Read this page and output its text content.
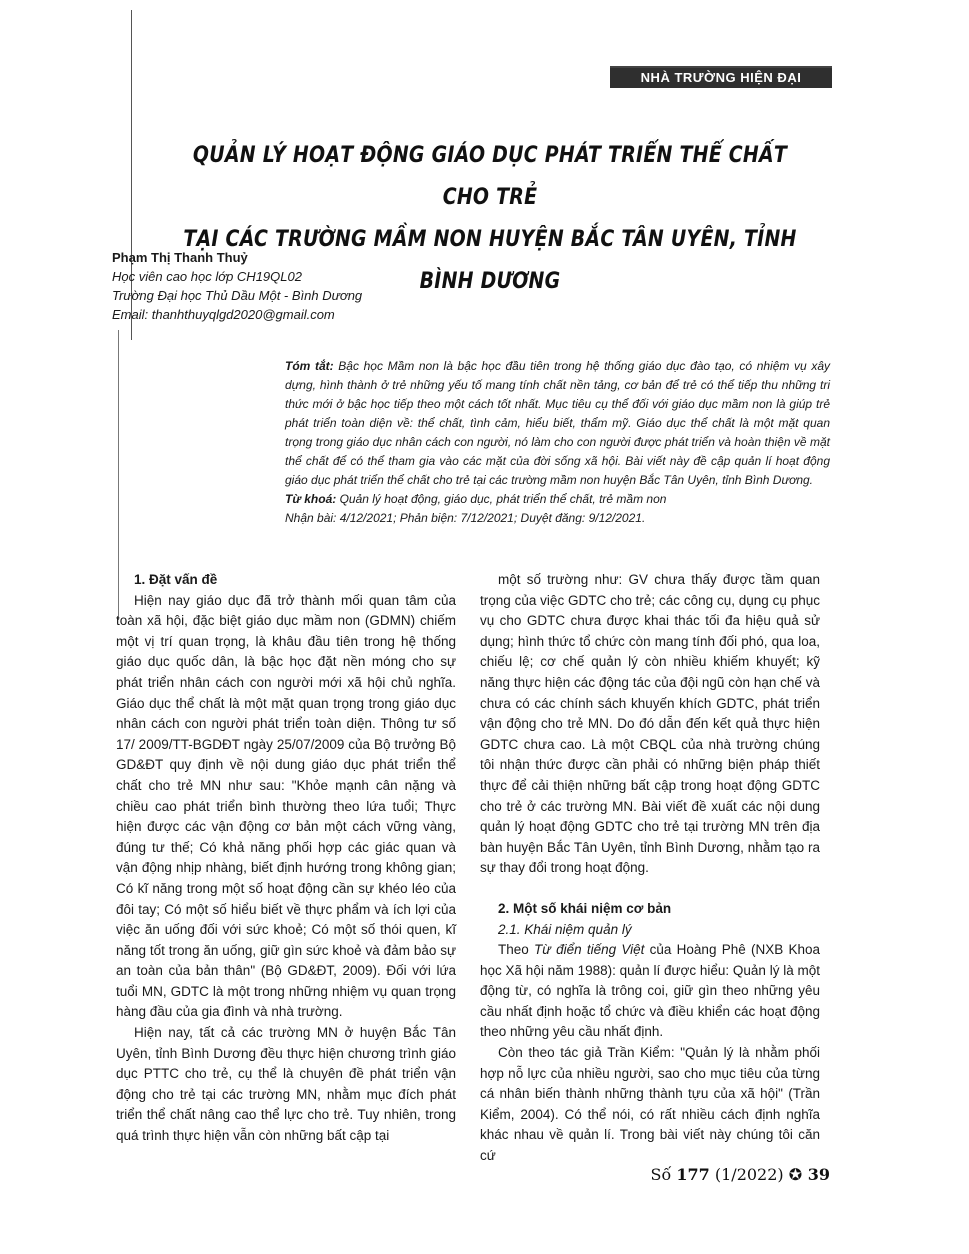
NHÀ TRƯỜNG HIỆN ĐẠI
QUẢN LÝ HOẠT ĐỘNG GIÁO DỤC PHÁT TRIỂN THỂ CHẤT CHO TRẺ
TẠI CÁC TRƯỜNG MẦM NON HUYỆN BẮC TÂN UYÊN, TỈNH BÌNH DƯƠNG
Phạm Thị Thanh Thuỷ
Học viên cao học lớp CH19QL02
Trường Đại học Thủ Dầu Một - Bình Dương
Email: thanhthuyqlgd2020@gmail.com
Tóm tắt: Bậc học Mầm non là bậc học đầu tiên trong hệ thống giáo dục đào tạo, có nhiệm vụ xây dựng, hình thành ở trẻ những yếu tố mang tính chất nền tảng, cơ bản để trẻ có thể tiếp thu những tri thức mới ở bậc học tiếp theo một cách tốt nhất. Mục tiêu cụ thể đối với giáo dục mầm non là giúp trẻ phát triển toàn diện về: thể chất, tình cảm, hiểu biết, thẩm mỹ. Giáo dục thể chất là một mặt quan trọng trong giáo dục nhân cách con người, nó làm cho con người được phát triển và hoàn thiện về mặt thể chất để có thể tham gia vào các mặt của đời sống xã hội. Bài viết này đề cập quản lí hoạt động giáo dục phát triển thể chất cho trẻ tại các trường mầm non huyện Bắc Tân Uyên, tỉnh Bình Dương.
Từ khoá: Quản lý hoạt động, giáo dục, phát triển thể chất, trẻ mầm non
Nhận bài: 4/12/2021; Phản biện: 7/12/2021; Duyệt đăng: 9/12/2021.

1. Đặt vấn đề

Hiện nay giáo dục đã trở thành mối quan tâm của toàn xã hội, đặc biệt giáo dục mầm non (GDMN) chiếm một vị trí quan trọng, là khâu đầu tiên trong hệ thống giáo dục quốc dân, là bậc học đặt nền móng cho sự phát triển nhân cách con người mới xã hội chủ nghĩa. Giáo dục thể chất là một mặt quan trọng trong giáo dục nhân cách con người phát triển toàn diện. Thông tư số 17/ 2009/TT-BGDĐT ngày 25/07/2009 của Bộ trưởng Bộ GD&ĐT quy định về nội dung giáo dục phát triển thể chất cho trẻ MN như sau: "Khỏe mạnh cân nặng và chiều cao phát triển bình thường theo lứa tuổi; Thực hiện được các vận động cơ bản một cách vững vàng, đúng tư thế; Có khả năng phối hợp các giác quan và vận động nhịp nhàng, biết định hướng trong không gian; Có kĩ năng trong một số hoạt động cần sự khéo léo của đôi tay; Có một số hiểu biết về thực phẩm và ích lợi của việc ăn uống đối với sức khoẻ; Có một số thói quen, kĩ năng tốt trong ăn uống, giữ gìn sức khoẻ và đảm bảo sự an toàn của bản thân" (Bộ GD&ĐT, 2009). Đối với lứa tuổi MN, GDTC là một trong những nhiệm vụ quan trọng hàng đầu của gia đình và nhà trường.

Hiện nay, tất cả các trường MN ở huyện Bắc Tân Uyên, tỉnh Bình Dương đều thực hiện chương trình giáo dục PTTC cho trẻ, cụ thể là chuyên đề phát triển vận động cho trẻ tại các trường MN, nhằm mục đích phát triển thể chất nâng cao thể lực cho trẻ. Tuy nhiên, trong quá trình thực hiện vẫn còn những bất cập tại

một số trường như: GV chưa thấy được tầm quan trọng của việc GDTC cho trẻ; các công cụ, dụng cụ phục vụ cho GDTC chưa được khai thác tối đa hiệu quả sử dụng; hình thức tổ chức còn mang tính đối phó, qua loa, chiếu lệ; cơ chế quản lý còn nhiều khiếm khuyết; kỹ năng thực hiện các động tác của đội ngũ còn hạn chế và chưa có các chính sách khuyến khích GDTC, phát triển vận động cho trẻ MN. Do đó dẫn đến kết quả thực hiện GDTC chưa cao. Là một CBQL của nhà trường chúng tôi nhận thức được cần phải có những biện pháp thiết thực để cải thiện những bất cập trong hoạt động GDTC cho trẻ ở các trường MN. Bài viết đề xuất các nội dung quản lý hoạt động GDTC cho trẻ tại trường MN trên địa bàn huyện Bắc Tân Uyên, tỉnh Bình Dương, nhằm tạo ra sự thay đổi trong hoạt động.

2. Một số khái niệm cơ bản

2.1. Khái niệm quản lý

Theo Từ điển tiếng Việt của Hoàng Phê (NXB Khoa học Xã hội năm 1988): quản lí được hiểu: Quản lý là một động từ, có nghĩa là trông coi, giữ gìn theo những yêu cầu nhất định hoặc tổ chức và điều khiển các hoạt động theo những yêu cầu nhất định.

Còn theo tác giả Trần Kiểm: "Quản lý là nhằm phối hợp nỗ lực của nhiều người, sao cho mục tiêu của từng cá nhân biến thành những thành tựu của xã hội" (Trần Kiểm, 2004). Có thể nói, có rất nhiều cách định nghĩa khác nhau về quản lí. Trong bài viết này chúng tôi căn cứ

Số 177 (1/2022) ✪ 39
